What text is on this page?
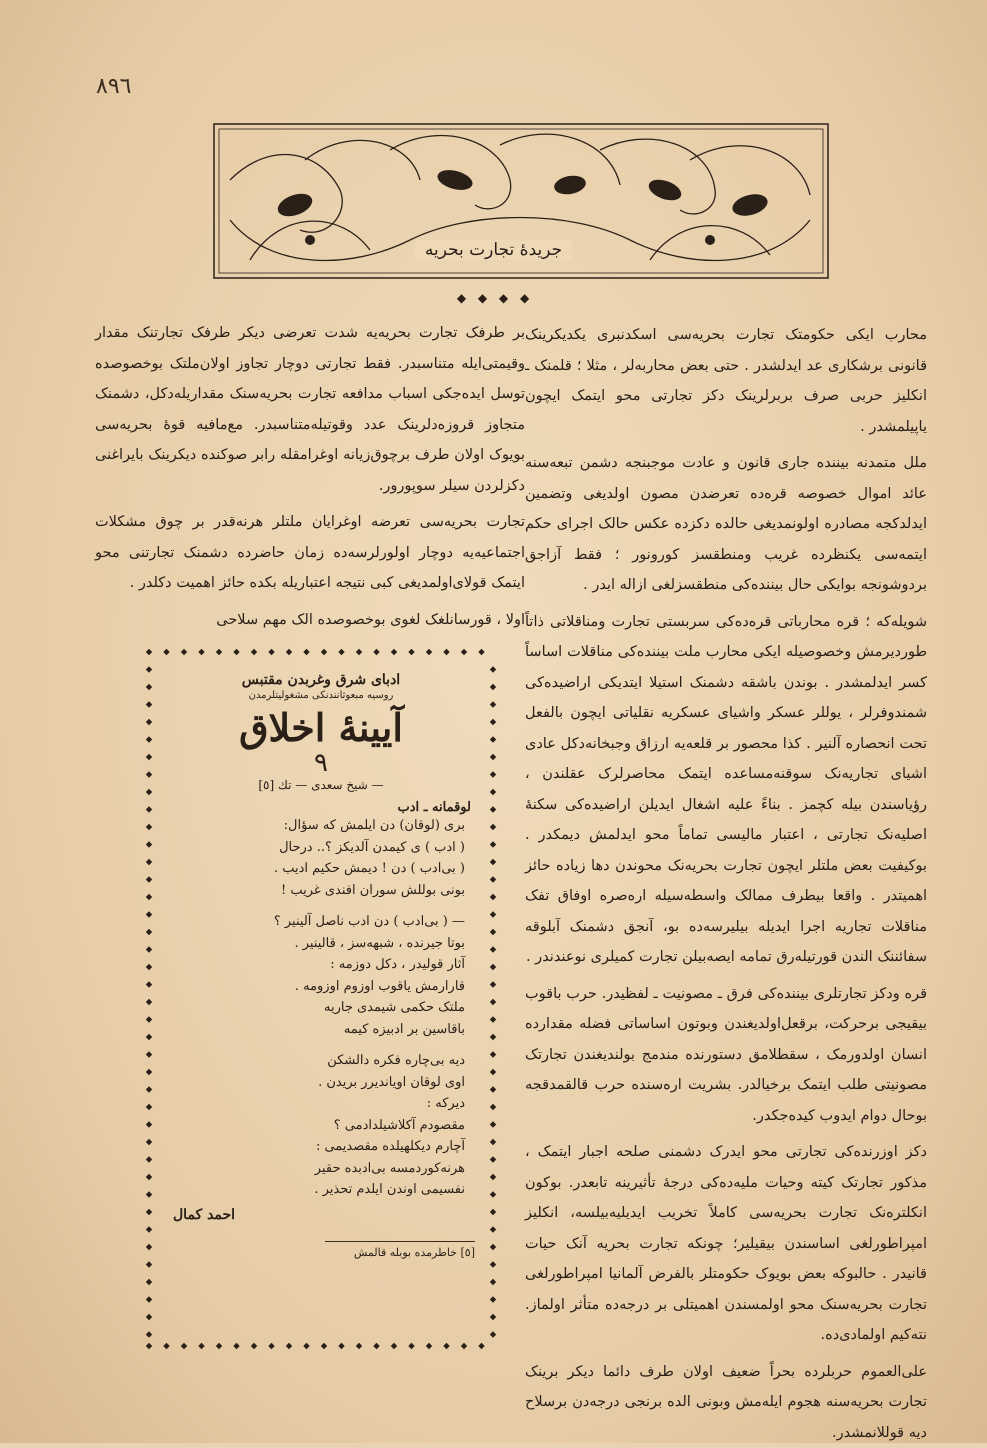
٨٩٦
جریدهٔ تجارت بحریه
◆ ◆ ◆ ◆

محارب ایکی حکومتک تجارت بحریه‌سی اسکدنبری یکدیکرینک قانونی برشکاری عد ایدلشدر . حتی بعض محاربه‌لر ، مثلا ؛ قلمنک ـ انکلیز حربی صرف بربرلرینک دکز تجارتی محو ایتمک ایچون یاپیلمشدر .

ملل متمدنه بیننده جاری قانون و عادت موجبنجه دشمن تبعه‌سنه عائد اموال خصوصه قره‌ده تعرضدن مصون اولدیغی وتضمین ایدلدکجه مصادره اولونمدیغی حالده دکزده عکس حالک اجرای حکم ایتمه‌سی یکنظرده غریب ومنطقسز کورونور ؛ فقط آزاجق بردوشونجه بوایکی حال بیننده‌کی منطقسزلغی ازاله ایدر .

شویله‌که ؛ قره محارباتی قره‌ده‌کی سربستی تجارت ومناقلاتی ذاتاً طوردیرمش وخصوصیله ایکی محارب ملت بیننده‌کی مناقلات اساساً کسر ایدلمشدر . بوندن باشقه دشمنک استیلا ایتدیکی اراضیده‌کی شمندوفرلر ، یوللر عسکر واشیای عسکریه نقلیاتی ایچون بالفعل تحت انحصاره آلنیر . کذا محصور بر قلعه‌یه ارزاق وجبخانه‌دکل عادی اشیای تجاریه‌نک سوقنه‌مساعده ایتمک محاصرلرک عقلندن ، رؤیاسندن بیله کچمز . بناءً علیه اشغال ایدیلن اراضیده‌کی سکنهٔ اصلیه‌نک تجارتی ، اعتبار مالیسی تماماً محو ایدلمش دیمکدر . بوکیفیت بعض ملتلر ایچون تجارت بحریه‌نک محوندن دها زیاده حائز اهمیتدر . واقعا بیطرف ممالک واسطه‌سیله اره‌صره اوفاق تفک مناقلات تجاریه اجرا ایدیله بیلیرسه‌ده بو، آنجق دشمنک آبلوقه سفائننک الندن قورتیله‌رق تمامه ایصه‌بیلن تجارت کمیلری نوعندندر .

قره ودکز تجارتلری بیننده‌کی فرق ـ مصونیت ـ لفظیدر. حرب باقوب بیقیجی برحرکت، برقعل‌اولدیغندن وبوتون اساساتی فضله مقدارده انسان اولدورمک ، سقطلامق دستورنده مندمج بولندیغندن تجارتک مصونیتی طلب ایتمک برخیالدر. بشریت اره‌سنده حرب قالقمدقجه بوحال دوام ایدوب کیده‌جکدر.

دکز اوزرنده‌کی تجارتی محو ایدرک دشمنی صلحه اجبار ایتمک ، مذکور تجارتک کیته وحیات ملیه‌ده‌کی درجهٔ تأثیرینه تابعدر. بوکون انکلتره‌نک تجارت بحریه‌سی کاملاً تخریب ایدیلیه‌بیلسه، انکلیز امپراطورلغی اساسندن بیقیلیر؛ چونکه تجارت بحریه آنک حیات قانیدر . حالبوکه بعض بویوک حکومتلر بالفرض آلمانیا امپراطورلغی تجارت بحریه‌سنک محو اولمسندن اهمیتلی بر درجه‌ده متأثر اولماز. نته‌کیم اولمادی‌ده.

علی‌العموم حربلرده بحراً ضعیف اولان طرف دائما دیکر برینک تجارت بحریه‌سنه هجوم ایله‌مش وبونی الده برنجی درجه‌دن برسلاح دیه قوللانمشدر.

بر طرفک تجارت بحریه‌یه شدت تعرضی دیکر طرفک تجارتنک مقدار وقیمتی‌ایله متناسبدر. فقط تجارتی دوچار تجاوز اولان‌ملتک بوخصوصده توسل ایده‌جکی اسباب مدافعه تجارت بحریه‌سنک مقداریله‌دکل، دشمنک متجاوز قروزه‌دلرینک عدد وقوتیله‌متناسبدر. مع‌مافیه قوهٔ بحریه‌سی بویوک اولان طرف برچوق‌زیانه اوغرامقله رابر صوکنده دیکرینک بایراغنی دکزلردن سیلر سوپورور.

تجارت بحریه‌سی تعرضه اوغرایان ملتلر هرنه‌قدر بر چوق مشکلات اجتماعیه‌یه دوچار اولورلرسه‌ده زمان حاضرده دشمنک تجارتنی محو ایتمک قولای‌اولمدیغی کبی نتیجه اعتباریله بکده حائز اهمیت دکلدر .

اولا ، قورسانلغک لغوی بوخصوصده الک مهم سلاحی

ادبای شرق وغربدن مقتبس
روسیه مبعوثانندنکی مشغولیتلرمدن
آیینهٔ اخلاق
٩
— شیخ سعدی — تك [٥]
لوقمانه ـ ادب
بری (لوقان) دن ایلمش که سؤال:
( ادب ) ی کیمدن آلدیکز ؟.. درحال
( بی‌ادب ) دن ! دیمش حکیم ادیب .
بونی بوللش سوران افندی غریب !
— ( بی‌ادب ) دن ادب ناصل آلینیر ؟
بوتا جیرنده ، شبهه‌سز ، قالینیر .
آثار قولیدر ، دکل دوزمه :
قارارمش یاقوب اوزوم اوزومه .
ملتک حکمی شیمدی جاریه
باقاسین بر ادبیزه کیمه
دیه بی‌چاره فکره دالشکن
اوی لوقان اویاندیرر بریدن .
دیرکه :
مقصودم آکلاشیلدادمی ؟
آچارم دیکلهیلده مقصدیمی :
هرنه‌کوردمسه بی‌ادبده حقیر
نفسیمی اوندن ایلدم تحذیر .
احمد کمال
[٥] خاطرمده بوبله قالمش
